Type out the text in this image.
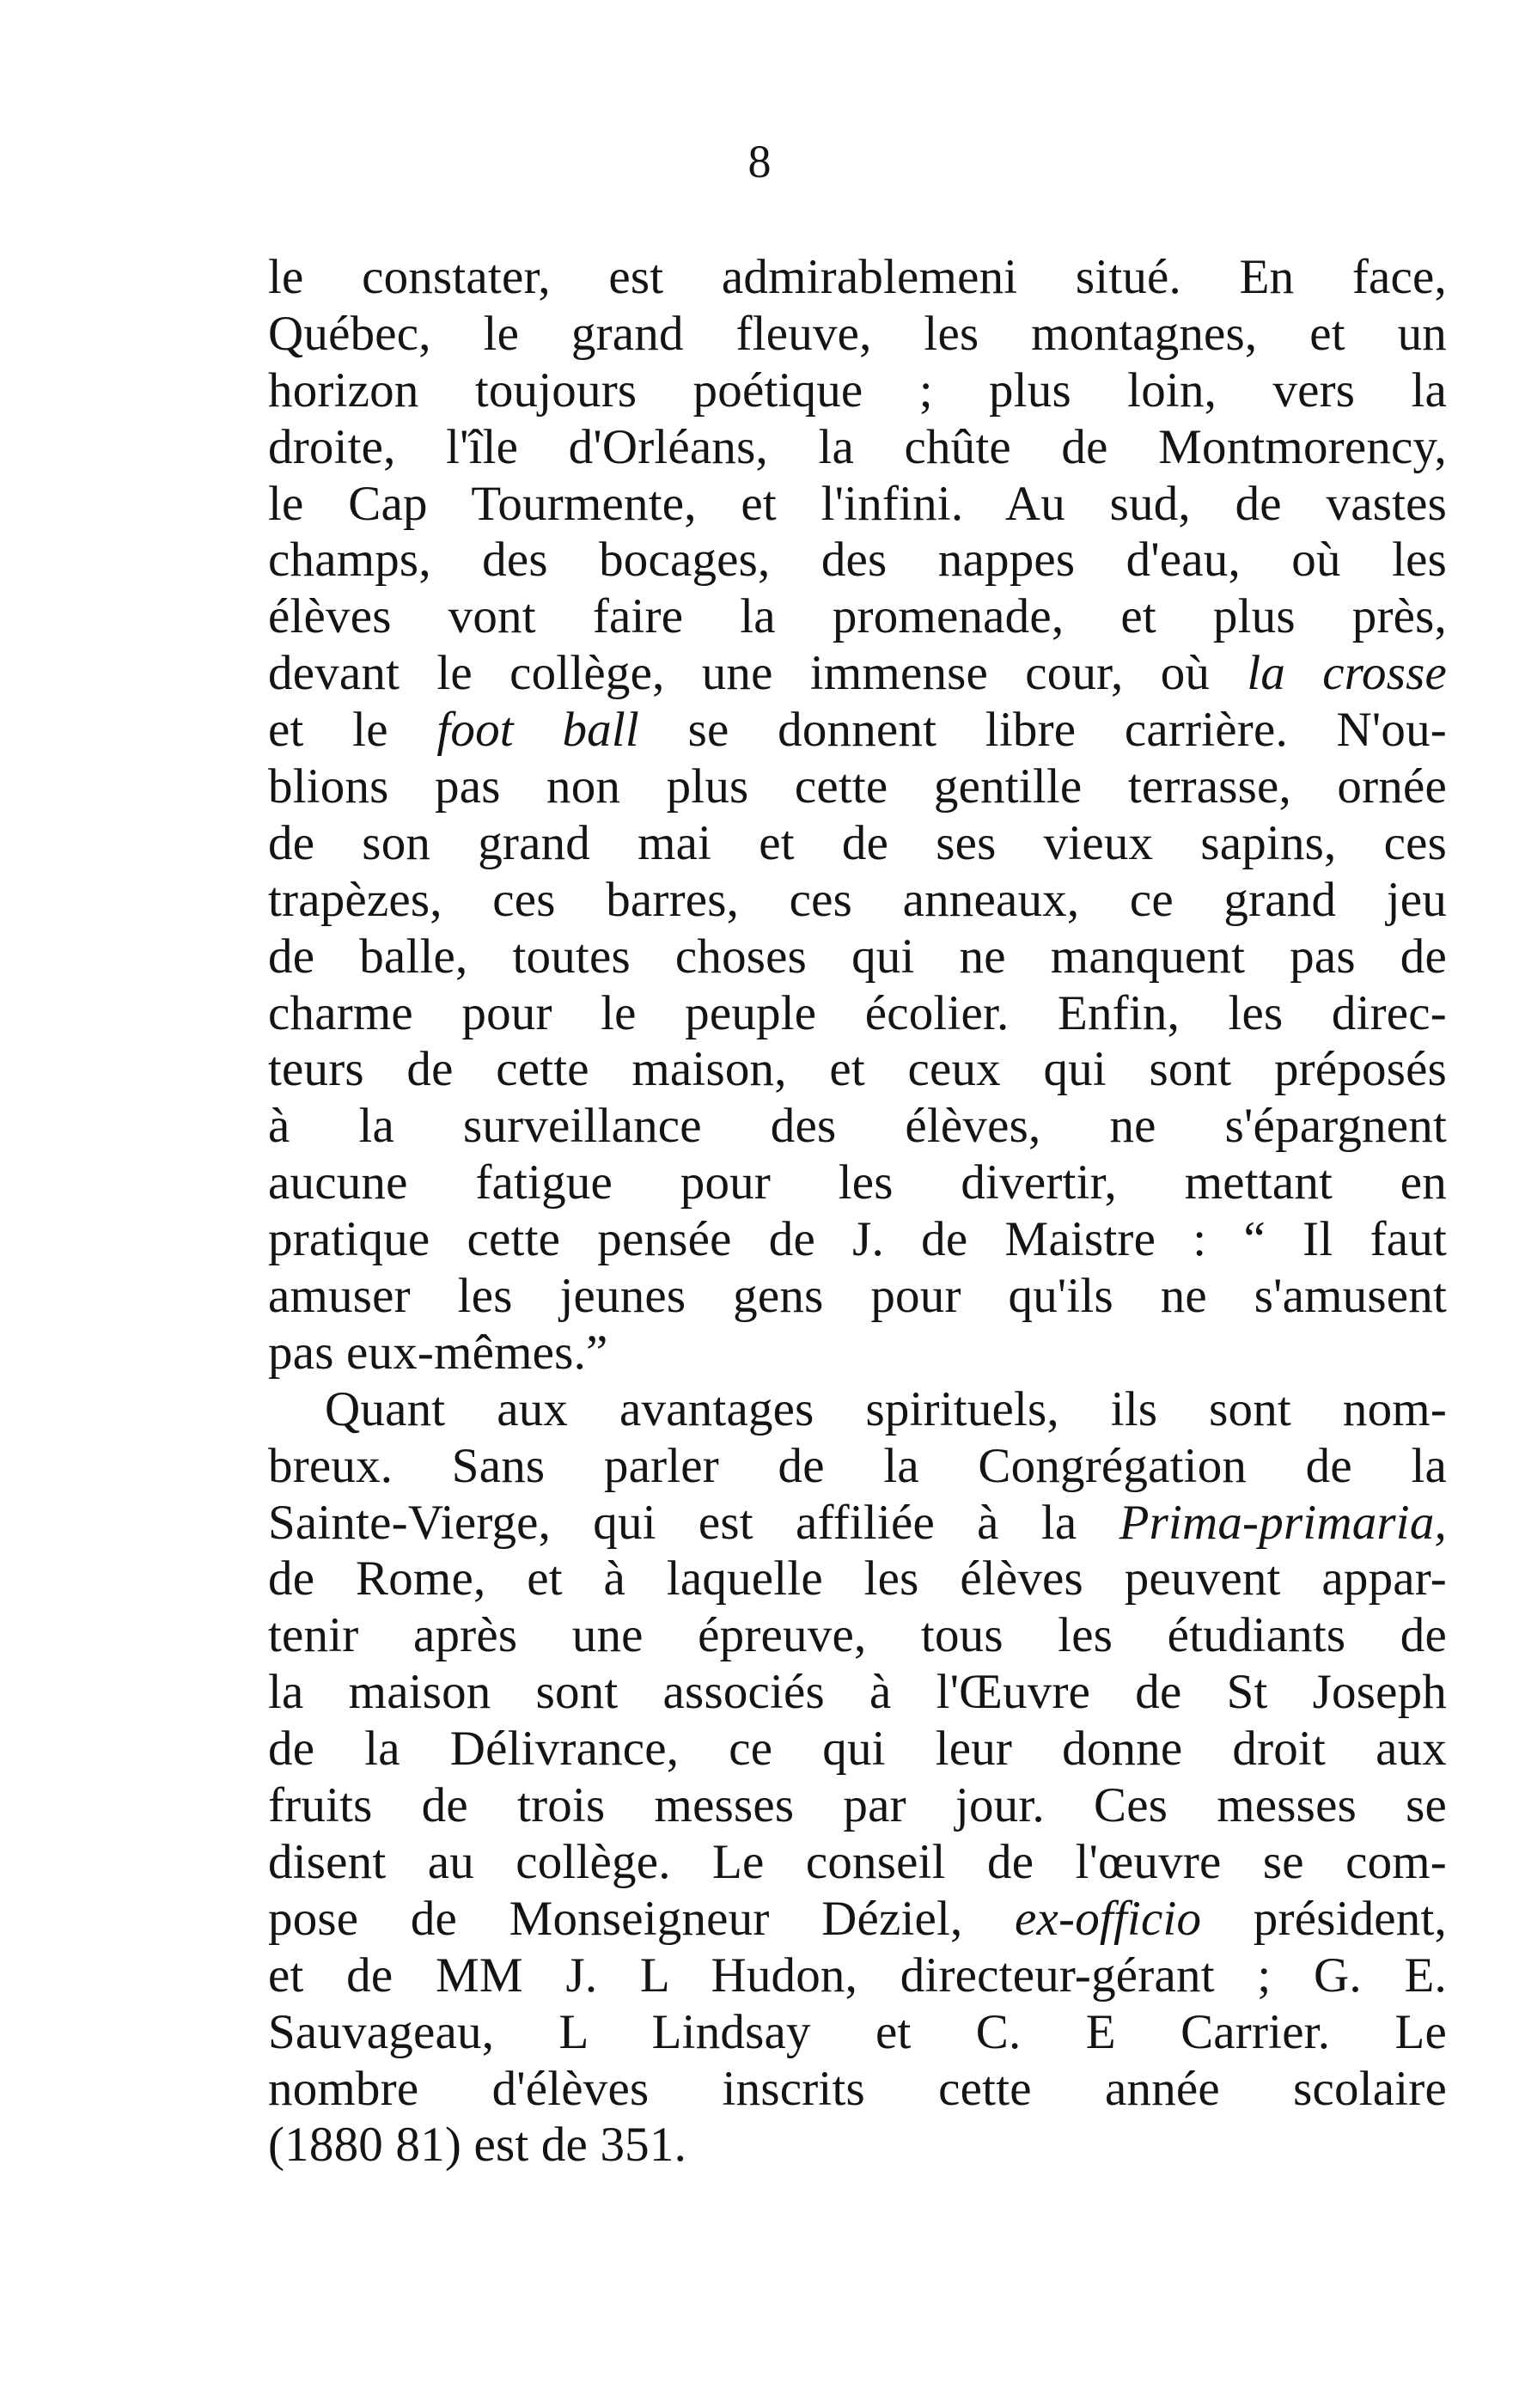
8
le constater, est admirablemeni situé. En face,
Québec, le grand fleuve, les montagnes, et un
horizon toujours poétique ; plus loin, vers la
droite, l'île d'Orléans, la chûte de Montmorency,
le Cap Tourmente, et l'infini. Au sud, de vastes
champs, des bocages, des nappes d'eau, où les
élèves vont faire la promenade, et plus près,
devant le collège, une immense cour, où la crosse
et le foot ball se donnent libre carrière. N'ou-
blions pas non plus cette gentille terrasse, ornée
de son grand mai et de ses vieux sapins, ces
trapèzes, ces barres, ces anneaux, ce grand jeu
de balle, toutes choses qui ne manquent pas de
charme pour le peuple écolier. Enfin, les direc-
teurs de cette maison, et ceux qui sont préposés
à la surveillance des élèves, ne s'épargnent
aucune fatigue pour les divertir, mettant en
pratique cette pensée de J. de Maistre : “ Il faut
amuser les jeunes gens pour qu'ils ne s'amusent
pas eux-mêmes.”
Quant aux avantages spirituels, ils sont nom-
breux. Sans parler de la Congrégation de la
Sainte-Vierge, qui est affiliée à la Prima-primaria,
de Rome, et à laquelle les élèves peuvent appar-
tenir après une épreuve, tous les étudiants de
la maison sont associés à l'Œuvre de St Joseph
de la Délivrance, ce qui leur donne droit aux
fruits de trois messes par jour. Ces messes se
disent au collège. Le conseil de l'œuvre se com-
pose de Monseigneur Déziel, ex-officio président,
et de MM J. L Hudon, directeur-gérant ; G. E.
Sauvageau, L Lindsay et C. E Carrier. Le
nombre d'élèves inscrits cette année scolaire
(1880 81) est de 351.
